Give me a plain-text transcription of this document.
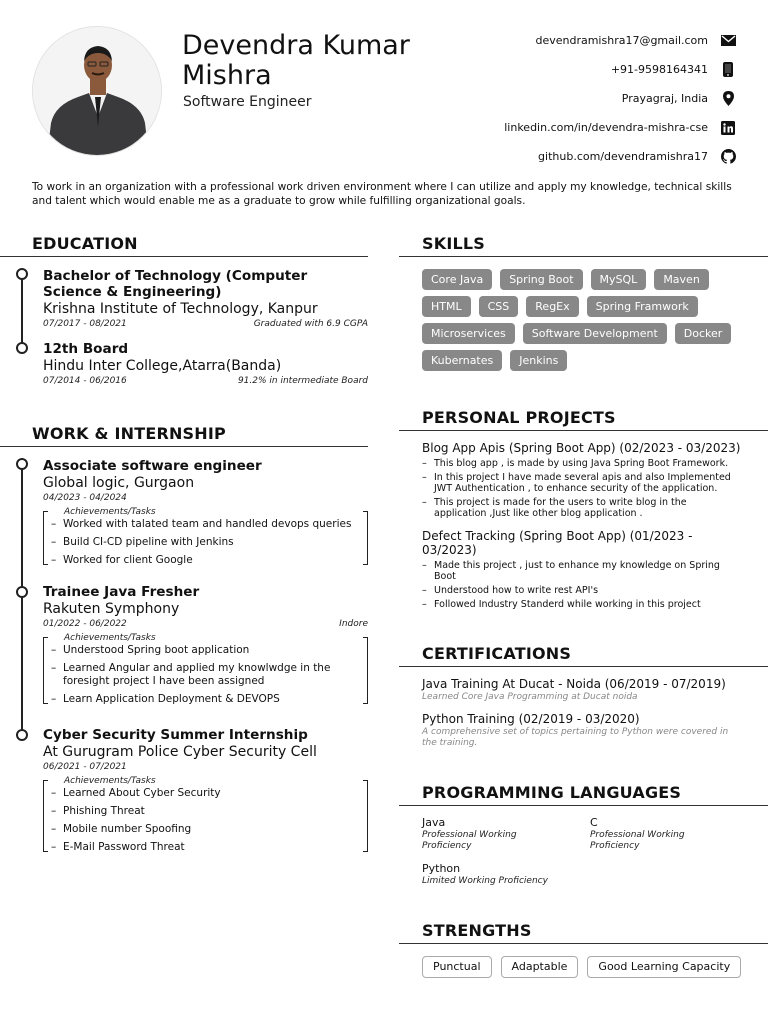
Devendra Kumar Mishra
Software Engineer
devendramishra17@gmail.com
+91-9598164341
Prayagraj, India
linkedin.com/in/devendra-mishra-cse
github.com/devendramishra17
To work in an organization with a professional work driven environment where I can utilize and apply my knowledge, technical skills and talent which would enable me as a graduate to grow while fulfilling organizational goals.
EDUCATION
Bachelor of Technology (Computer Science & Engineering)
Krishna Institute of Technology, Kanpur
07/2017 - 08/2021	Graduated with 6.9 CGPA
12th Board
Hindu Inter College,Atarra(Banda)
07/2014 - 06/2016	91.2% in intermediate Board
WORK & INTERNSHIP
Associate software engineer
Global logic, Gurgaon
04/2023 - 04/2024
Achievements/Tasks
– Worked with talated team and handled devops queries
– Build CI-CD pipeline with Jenkins
– Worked for client Google
Trainee Java Fresher
Rakuten Symphony
01/2022 - 06/2022	Indore
Achievements/Tasks
– Understood Spring boot application
– Learned Angular and applied my knowlwdge in the foresight project I have been assigned
– Learn Application Deployment & DEVOPS
Cyber Security Summer Internship
At Gurugram Police Cyber Security Cell
06/2021 - 07/2021
Achievements/Tasks
– Learned About Cyber Security
– Phishing Threat
– Mobile number Spoofing
– E-Mail Password Threat
SKILLS
Core Java	Spring Boot	MySQL	Maven
HTML	CSS	RegEx	Spring Framwork
Microservices	Software Development	Docker
Kubernates	Jenkins
PERSONAL PROJECTS
Blog App Apis (Spring Boot App) (02/2023 - 03/2023)
– This blog app , is made by using Java Spring Boot Framework.
– In this project I have made several apis and also Implemented JWT Authentication , to enhance security of the application.
– This project is made for the users to write blog in the application ,Just like other blog application .
Defect Tracking (Spring Boot App) (01/2023 - 03/2023)
– Made this project , just to enhance my knowledge on Spring Boot
– Understood how to write rest API's
– Followed Industry Standerd while working in this project
CERTIFICATIONS
Java Training At Ducat - Noida (06/2019 - 07/2019)
Learned Core Java Programming at Ducat noida
Python Training (02/2019 - 03/2020)
A comprehensive set of topics pertaining to Python were covered in the training.
PROGRAMMING LANGUAGES
Java
Professional Working Proficiency
C
Professional Working Proficiency
Python
Limited Working Proficiency
STRENGTHS
Punctual	Adaptable	Good Learning Capacity
